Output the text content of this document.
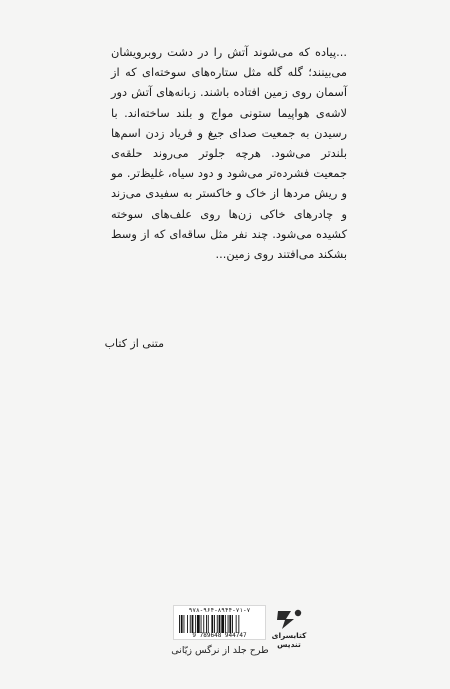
...پیاده که می‌شوند آتش را در دشت روبرویشان می‌بینند؛ گله گله مثل ستاره‌های سوخته‌ای که از آسمان روی زمین افتاده باشند. زبانه‌های آتش دور لاشه‌ی هواپیما ستونی مواج و بلند ساخته‌اند. با رسیدن به جمعیت صدای جیغ و فریاد زدن اسم‌ها بلندتر می‌شود. هرچه جلوتر می‌روند حلقه‌ی جمعیت فشرده‌تر می‌شود و دود سیاه، غلیظ‌تر. مو و ریش مردها از خاک و خاکستر به سفیدی می‌زند و چادرهای خاکی زن‌ها روی علف‌های سوخته کشیده می‌شود. چند نفر مثل ساقه‌ای که از وسط بشکند می‌افتند روی زمین...

متنی از کتاب
۹۷۸-۹۶۴-۸۹۴۴-۷۱-۷
9 789648 944747	کتابسرای تندیس
طرح جلد از نرگس زیّانی
